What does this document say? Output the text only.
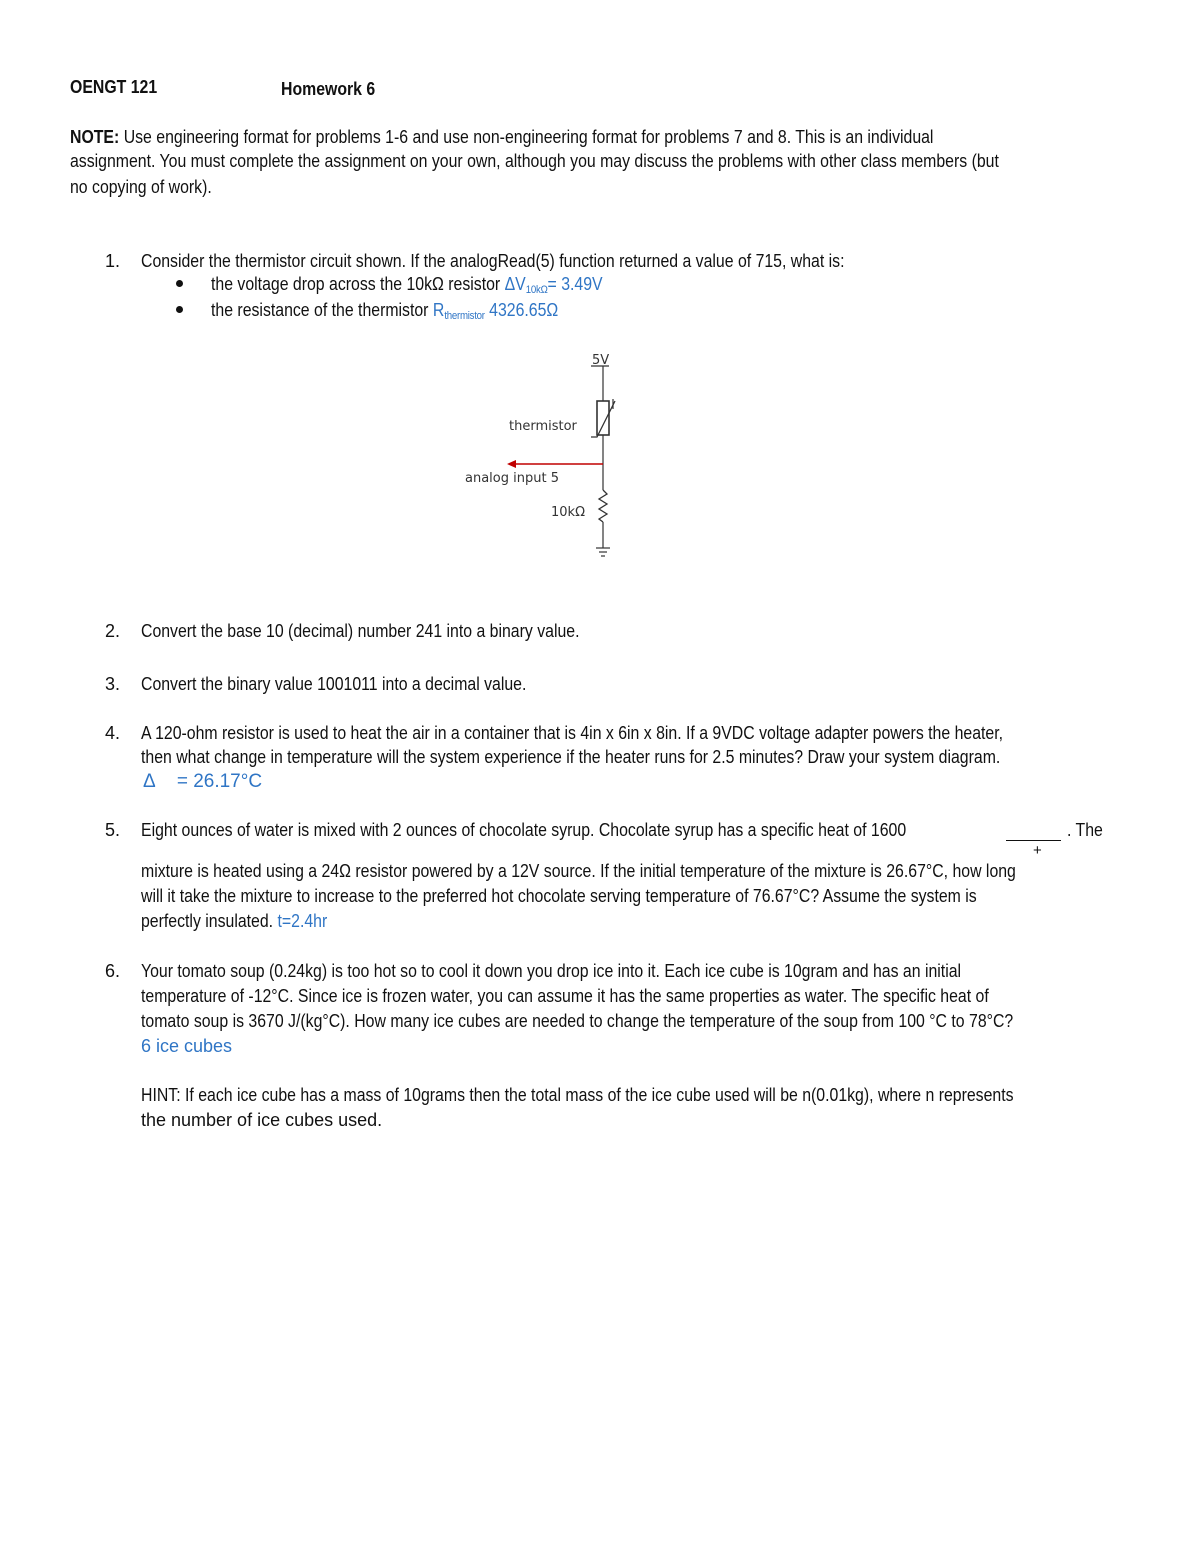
OENGT 121	Homework 6
NOTE: Use engineering format for problems 1-6 and use non-engineering format for problems 7 and 8. This is an individual
assignment. You must complete the assignment on your own, although you may discuss the problems with other class members (but
no copying of work).
1. Consider the thermistor circuit shown. If the analogRead(5) function returned a value of 715, what is:
the voltage drop across the 10kΩ resistor $\Delta V_{10k\Omega}= 3.49V$
the resistance of the thermistor $R_{thermistor}$ 4326.65Ω
5V
thermistor
analog input 5
10kΩ
2. Convert the base 10 (decimal) number 241 into a binary value.
3. Convert the binary value 1001011 into a decimal value.
4. A 120-ohm resistor is used to heat the air in a container that is 4in x 6in x 8in. If a 9VDC voltage adapter powers the heater,
then what change in temperature will the system experience if the heater runs for 2.5 minutes? Draw your system diagram.
Δ = 26.17°C
5. Eight ounces of water is mixed with 2 ounces of chocolate syrup. Chocolate syrup has a specific heat of 1600
+
. The
mixture is heated using a 24Ω resistor powered by a 12V source. If the initial temperature of the mixture is 26.67°C, how long
will it take the mixture to increase to the preferred hot chocolate serving temperature of 76.67°C? Assume the system is
perfectly insulated. t=2.4hr
6. Your tomato soup (0.24kg) is too hot so to cool it down you drop ice into it. Each ice cube is 10gram and has an initial
temperature of -12°C. Since ice is frozen water, you can assume it has the same properties as water. The specific heat of
tomato soup is 3670 J/(kg°C). How many ice cubes are needed to change the temperature of the soup from 100 °C to 78°C?
6 ice cubes
HINT: If each ice cube has a mass of 10grams then the total mass of the ice cube used will be n(0.01kg), where n represents
the number of ice cubes used.
